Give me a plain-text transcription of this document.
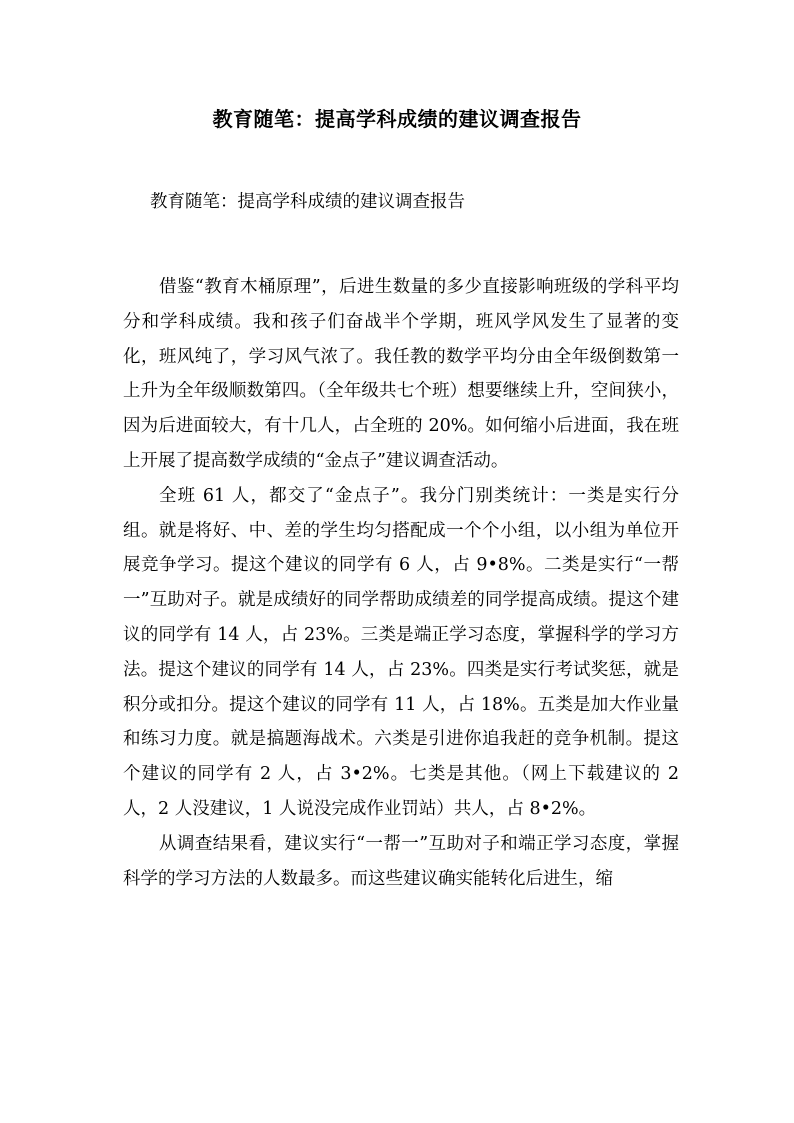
教育随笔：提高学科成绩的建议调查报告

教育随笔：提高学科成绩的建议调查报告

借鉴“教育木桶原理”，后进生数量的多少直接影响班级的学科平均分和学科成绩。我和孩子们奋战半个学期，班风学风发生了显著的变化，班风纯了，学习风气浓了。我任教的数学平均分由全年级倒数第一上升为全年级顺数第四。（全年级共七个班）想要继续上升，空间狭小，因为后进面较大，有十几人，占全班的 20%。如何缩小后进面，我在班上开展了提高数学成绩的“金点子”建议调查活动。

全班 61 人，都交了“金点子”。我分门别类统计：一类是实行分组。就是将好、中、差的学生均匀搭配成一个个小组，以小组为单位开展竞争学习。提这个建议的同学有 6 人，占 9•8%。二类是实行“一帮一”互助对子。就是成绩好的同学帮助成绩差的同学提高成绩。提这个建议的同学有 14 人，占 23%。三类是端正学习态度，掌握科学的学习方法。提这个建议的同学有 14 人，占 23%。四类是实行考试奖惩，就是积分或扣分。提这个建议的同学有 11 人，占 18%。五类是加大作业量和练习力度。就是搞题海战术。六类是引进你追我赶的竞争机制。提这个建议的同学有 2 人，占 3•2%。七类是其他。（网上下载建议的 2 人，2 人没建议，1 人说没完成作业罚站）共人，占 8•2%。

从调查结果看，建议实行“一帮一”互助对子和端正学习态度，掌握科学的学习方法的人数最多。而这些建议确实能转化后进生，缩
